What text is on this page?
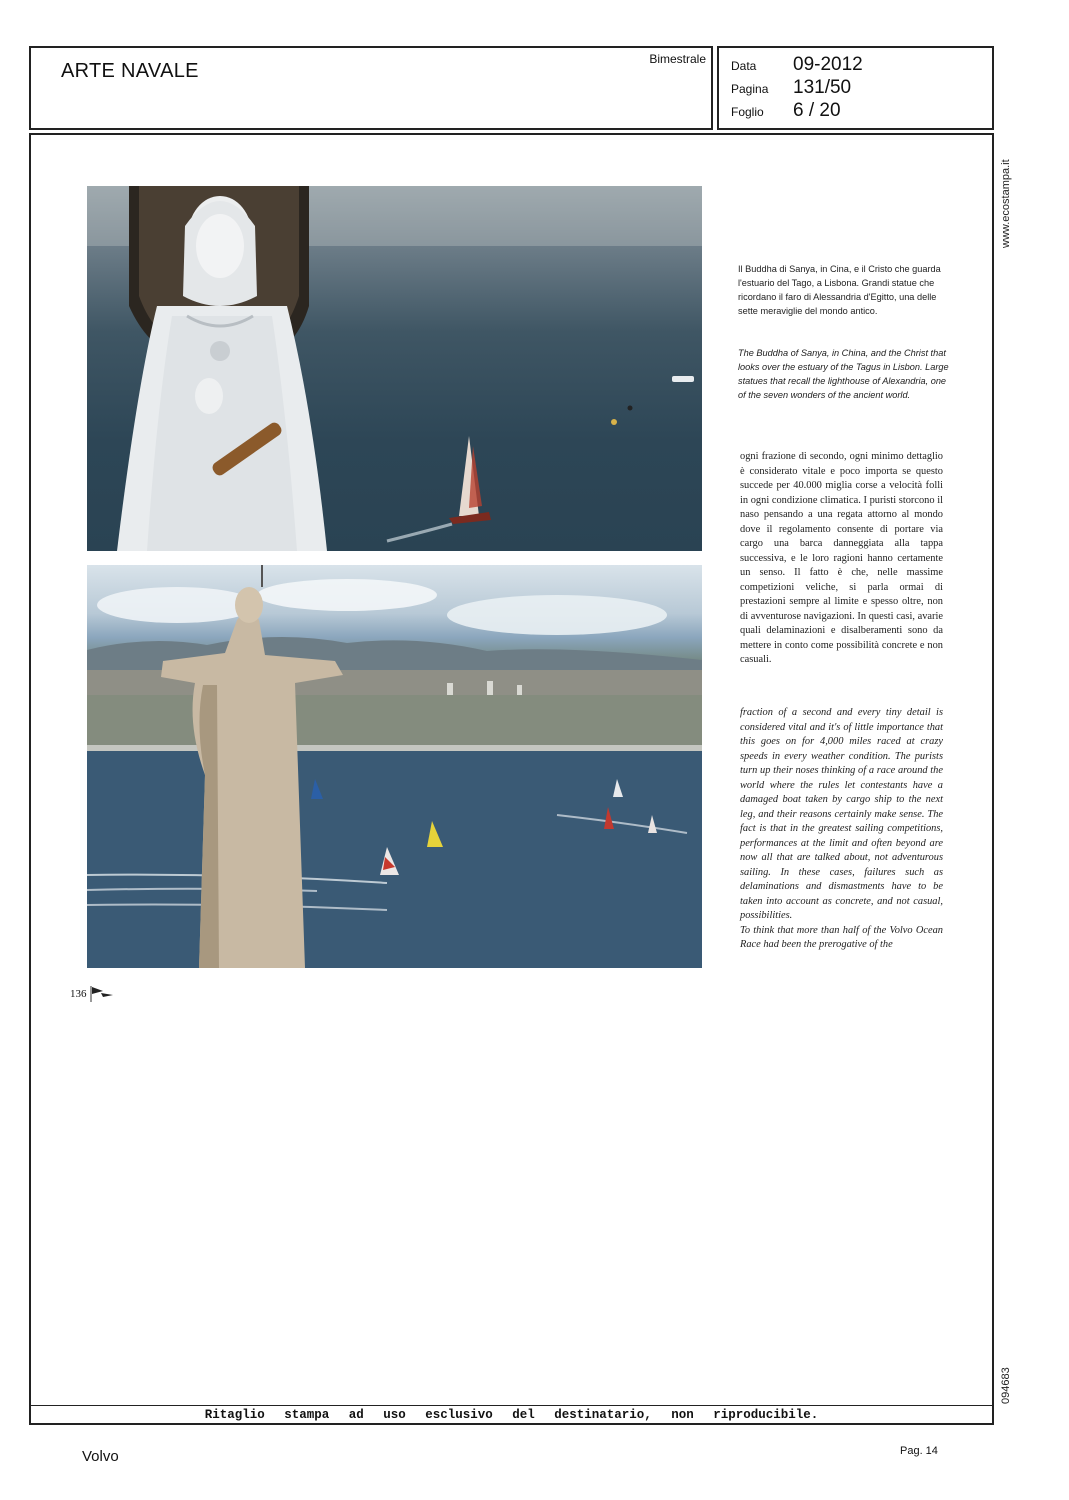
ARTE NAVALE
Bimestrale Data	09-2012
Pagina	131/50
Foglio	6 / 20
www.ecostampa.it
094683
Il Buddha di Sanya, in Cina, e il Cristo che guarda l'estuario del Tago, a Lisbona. Grandi statue che ricordano il faro di Alessandria d'Egitto, una delle sette meraviglie del mondo antico.
The Buddha of Sanya, in China, and the Christ that looks over the estuary of the Tagus in Lisbon. Large statues that recall the lighthouse of Alexandria, one of the seven wonders of the ancient world.
ogni frazione di secondo, ogni minimo dettaglio è considerato vitale e poco importa se questo succede per 40.000 miglia corse a velocità folli in ogni condizione climatica. I puristi storcono il naso pensando a una regata attorno al mondo dove il regolamento consente di portare via cargo una barca danneggiata alla tappa successiva, e le loro ragioni hanno certamente un senso. Il fatto è che, nelle massime competizioni veliche, si parla ormai di prestazioni sempre al limite e spesso oltre, non di avventurose navigazioni. In questi casi, avarie quali delaminazioni e disalberamenti sono da mettere in conto come possibilità concrete e non casuali.
fraction of a second and every tiny detail is considered vital and it's of little importance that this goes on for 4,000 miles raced at crazy speeds in every weather condition. The purists turn up their noses thinking of a race around the world where the rules let contestants have a damaged boat taken by cargo ship to the next leg, and their reasons certainly make sense. The fact is that in the greatest sailing competitions, performances at the limit and often beyond are now all that are talked about, not adventurous sailing. In these cases, failures such as delaminations and dismastments have to be taken into account as concrete, and not casual, possibilities.
To think that more than half of the Volvo Ocean Race had been the prerogative of the
136
Ritaglio stampa ad uso esclusivo del destinatario, non riproducibile.
Volvo	Pag. 14
